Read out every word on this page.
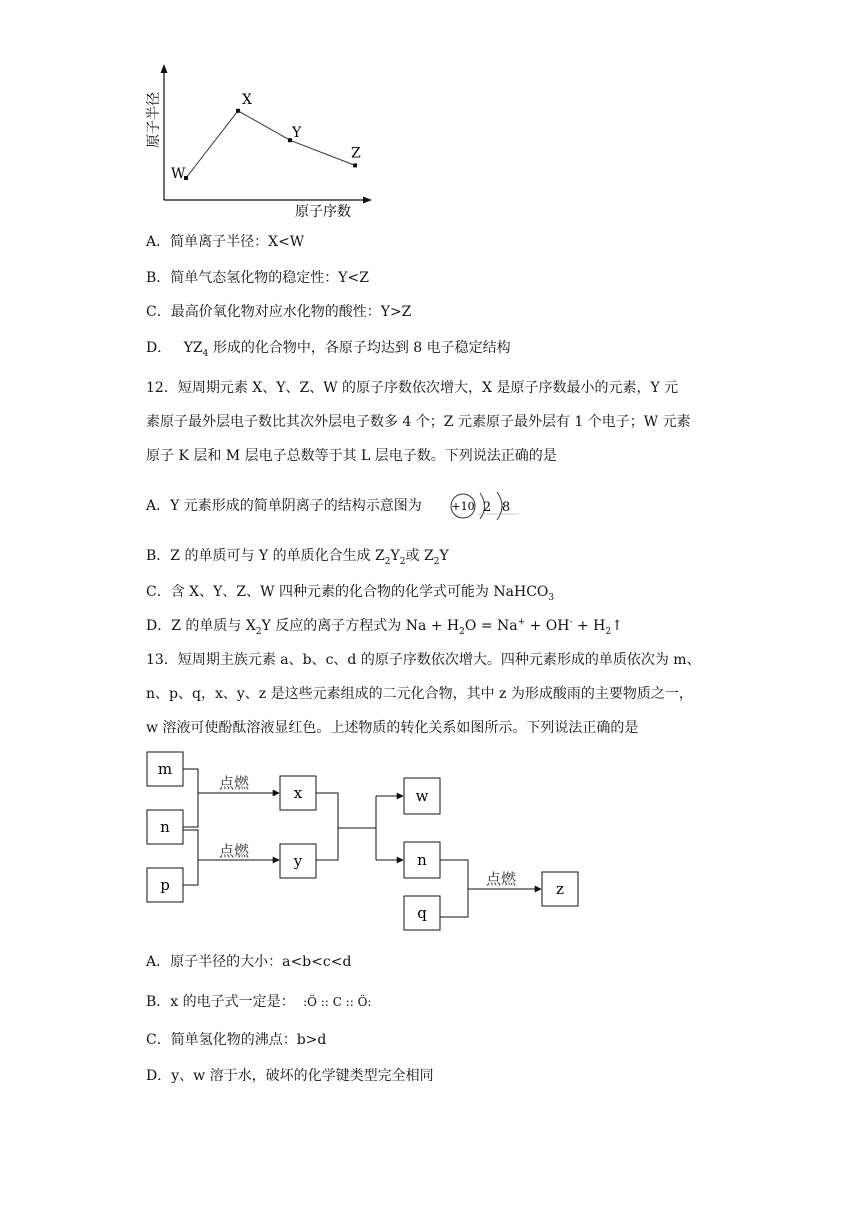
原子半径
原子序数
W
X
Y
Z
A．简单离子半径：X<W
B．简单气态氢化物的稳定性：Y<Z
C．最高价氧化物对应水化物的酸性：Y>Z
D． $YZ_4$ 形成的化合物中，各原子均达到 8 电子稳定结构
12．短周期元素 X、Y、Z、W 的原子序数依次增大，X 是原子序数最小的元素，Y 元
素原子最外层电子数比其次外层电子数多 4 个；Z 元素原子最外层有 1 个电子；W 元素
原子 K 层和 M 层电子总数等于其 L 层电子数。下列说法正确的是
A．Y 元素形成的简单阴离子的结构示意图为	+10 2 8
B．Z 的单质可与 Y 的单质化合生成 $Z_2Y_2$或 $Z_2Y$
C．含 X、Y、Z、W 四种元素的化合物的化学式可能为 NaHCO$_3$
D．Z 的单质与 $X_2Y$ 反应的离子方程式为 $Na + H_2O = Na^+ + OH^-$ + $H_2↑$
13．短周期主族元素 a、b、c、d 的原子序数依次增大。四种元素形成的单质依次为 m、
n、p、q，x、y、z 是这些元素组成的二元化合物，其中 z 为形成酸雨的主要物质之一，
w 溶液可使酚酞溶液显红色。上述物质的转化关系如图所示。下列说法正确的是
m
n
p
x
y
w
n
q
z
点燃
点燃
点燃
A．原子半径的大小：a<b<c<d
B．x 的电子式一定是： :Ö :: C :: Ö:
C．简单氢化物的沸点：b>d
D．y、w 溶于水，破坏的化学键类型完全相同
